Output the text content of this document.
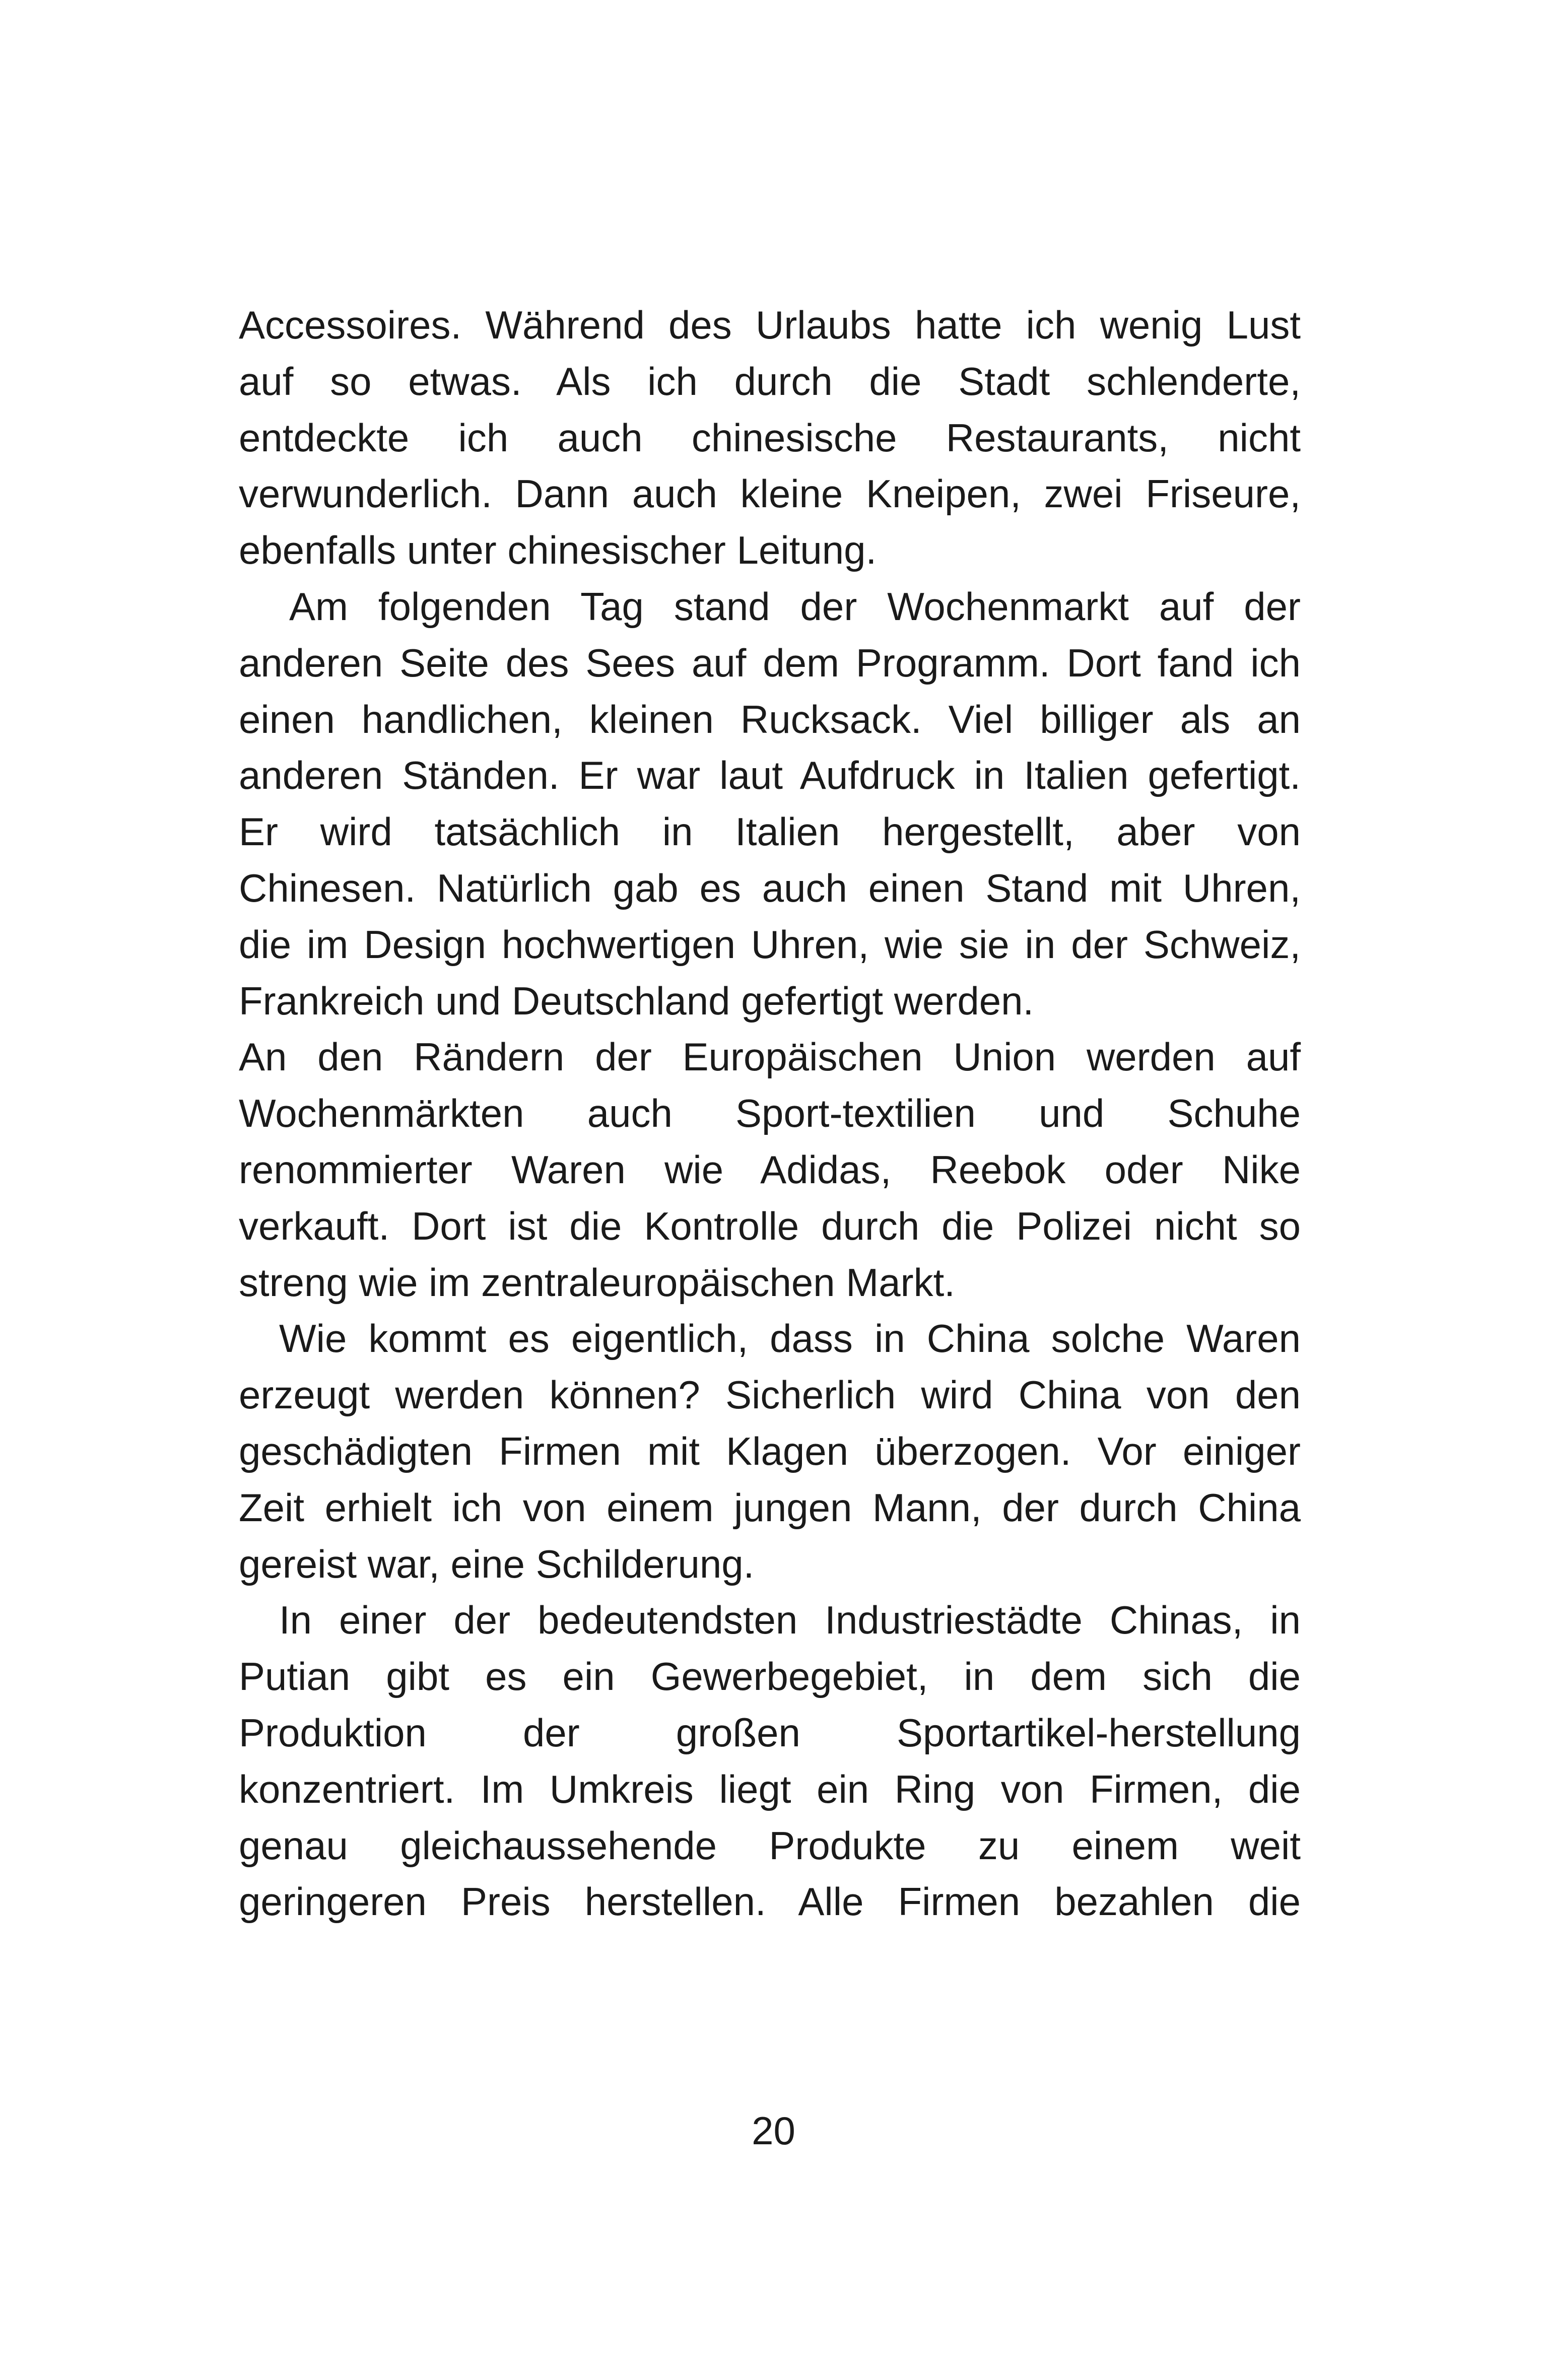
Accessoires. Während des Urlaubs hatte ich wenig Lust
auf so etwas. Als ich durch die Stadt schlenderte,
entdeckte ich auch chinesische Restaurants, nicht
verwunderlich. Dann auch kleine Kneipen, zwei Friseure,
ebenfalls unter chinesischer Leitung.
Am folgenden Tag stand der Wochenmarkt auf der
anderen Seite des Sees auf dem Programm. Dort fand ich
einen handlichen, kleinen Rucksack. Viel billiger als an
anderen Ständen. Er war laut Aufdruck in Italien gefertigt.
Er wird tatsächlich in Italien hergestellt, aber von
Chinesen. Natürlich gab es auch einen Stand mit Uhren,
die im Design hochwertigen Uhren, wie sie in der Schweiz,
Frankreich und Deutschland gefertigt werden.
An den Rändern der Europäischen Union werden auf
Wochenmärkten auch Sport-textilien und Schuhe
renommierter Waren wie Adidas, Reebok oder Nike
verkauft. Dort ist die Kontrolle durch die Polizei nicht so
streng wie im zentraleuropäischen Markt.
Wie kommt es eigentlich, dass in China solche Waren
erzeugt werden können? Sicherlich wird China von den
geschädigten Firmen mit Klagen überzogen. Vor einiger
Zeit erhielt ich von einem jungen Mann, der durch China
gereist war, eine Schilderung.
In einer der bedeutendsten Industriestädte Chinas, in
Putian gibt es ein Gewerbegebiet, in dem sich die
Produktion der großen Sportartikel-herstellung
konzentriert. Im Umkreis liegt ein Ring von Firmen, die
genau gleichaussehende Produkte zu einem weit
geringeren Preis herstellen. Alle Firmen bezahlen die
20
